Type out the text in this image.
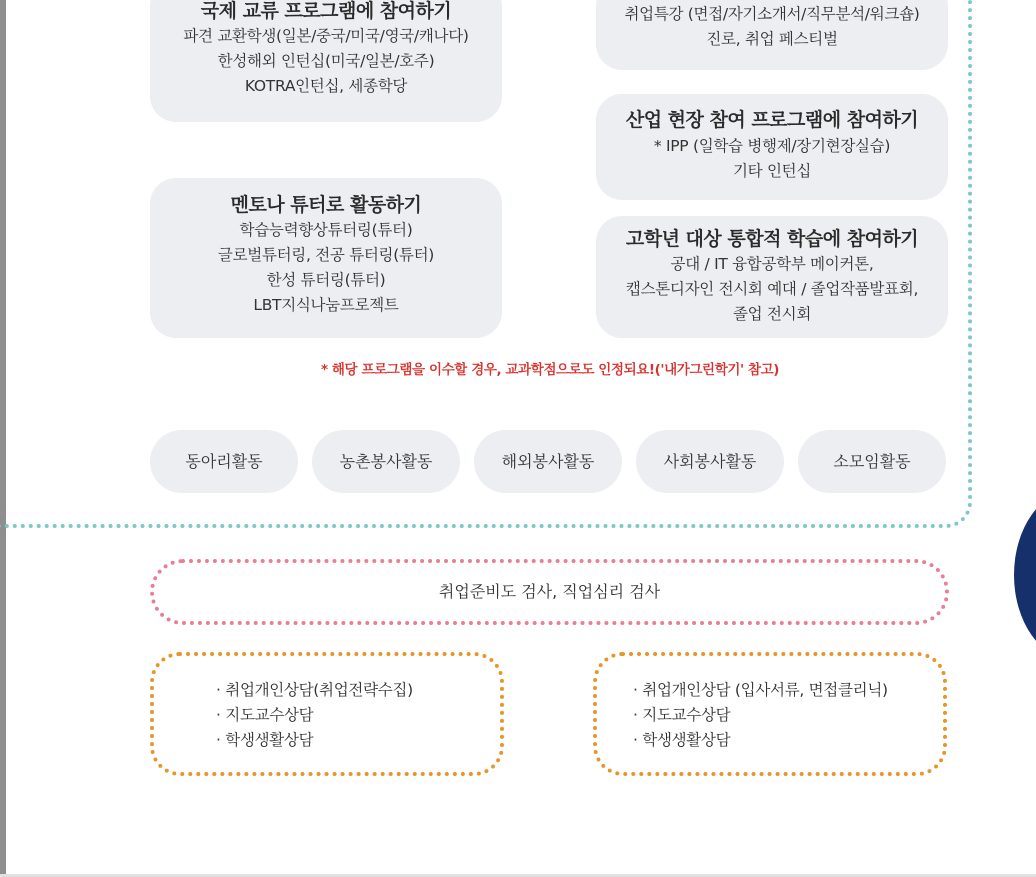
국제 교류 프로그램에 참여하기

파견 교환학생(일본/중국/미국/영국/캐나다)

한성해외 인턴십(미국/일본/호주)

KOTRA인턴십, 세종학당

취업특강 (면접/자기소개서/직무분석/워크숍)

진로, 취업 페스티벌

산업 현장 참여 프로그램에 참여하기

* IPP (일학습 병행제/장기현장실습)

기타 인턴십

멘토나 튜터로 활동하기

학습능력향상튜터링(튜터)

글로벌튜터링, 전공 튜터링(튜터)

한성 튜터링(튜터)

LBT지식나눔프로젝트

고학년 대상 통합적 학습에 참여하기

공대 / IT 융합공학부 메이커톤,

캡스톤디자인 전시회 예대 / 졸업작품발표회,

졸업 전시회

* 해당 프로그램을 이수할 경우, 교과학점으로도 인정되요!('내가그린학기' 참고)
동아리활동	농촌봉사활동	해외봉사활동	사회봉사활동	소모임활동
취업준비도 검사, 직업심리 검사
· 취업개인상담(취업전략수집)
· 지도교수상담
· 학생생활상담
· 취업개인상담 (입사서류, 면접클리닉)
· 지도교수상담
· 학생생활상담
